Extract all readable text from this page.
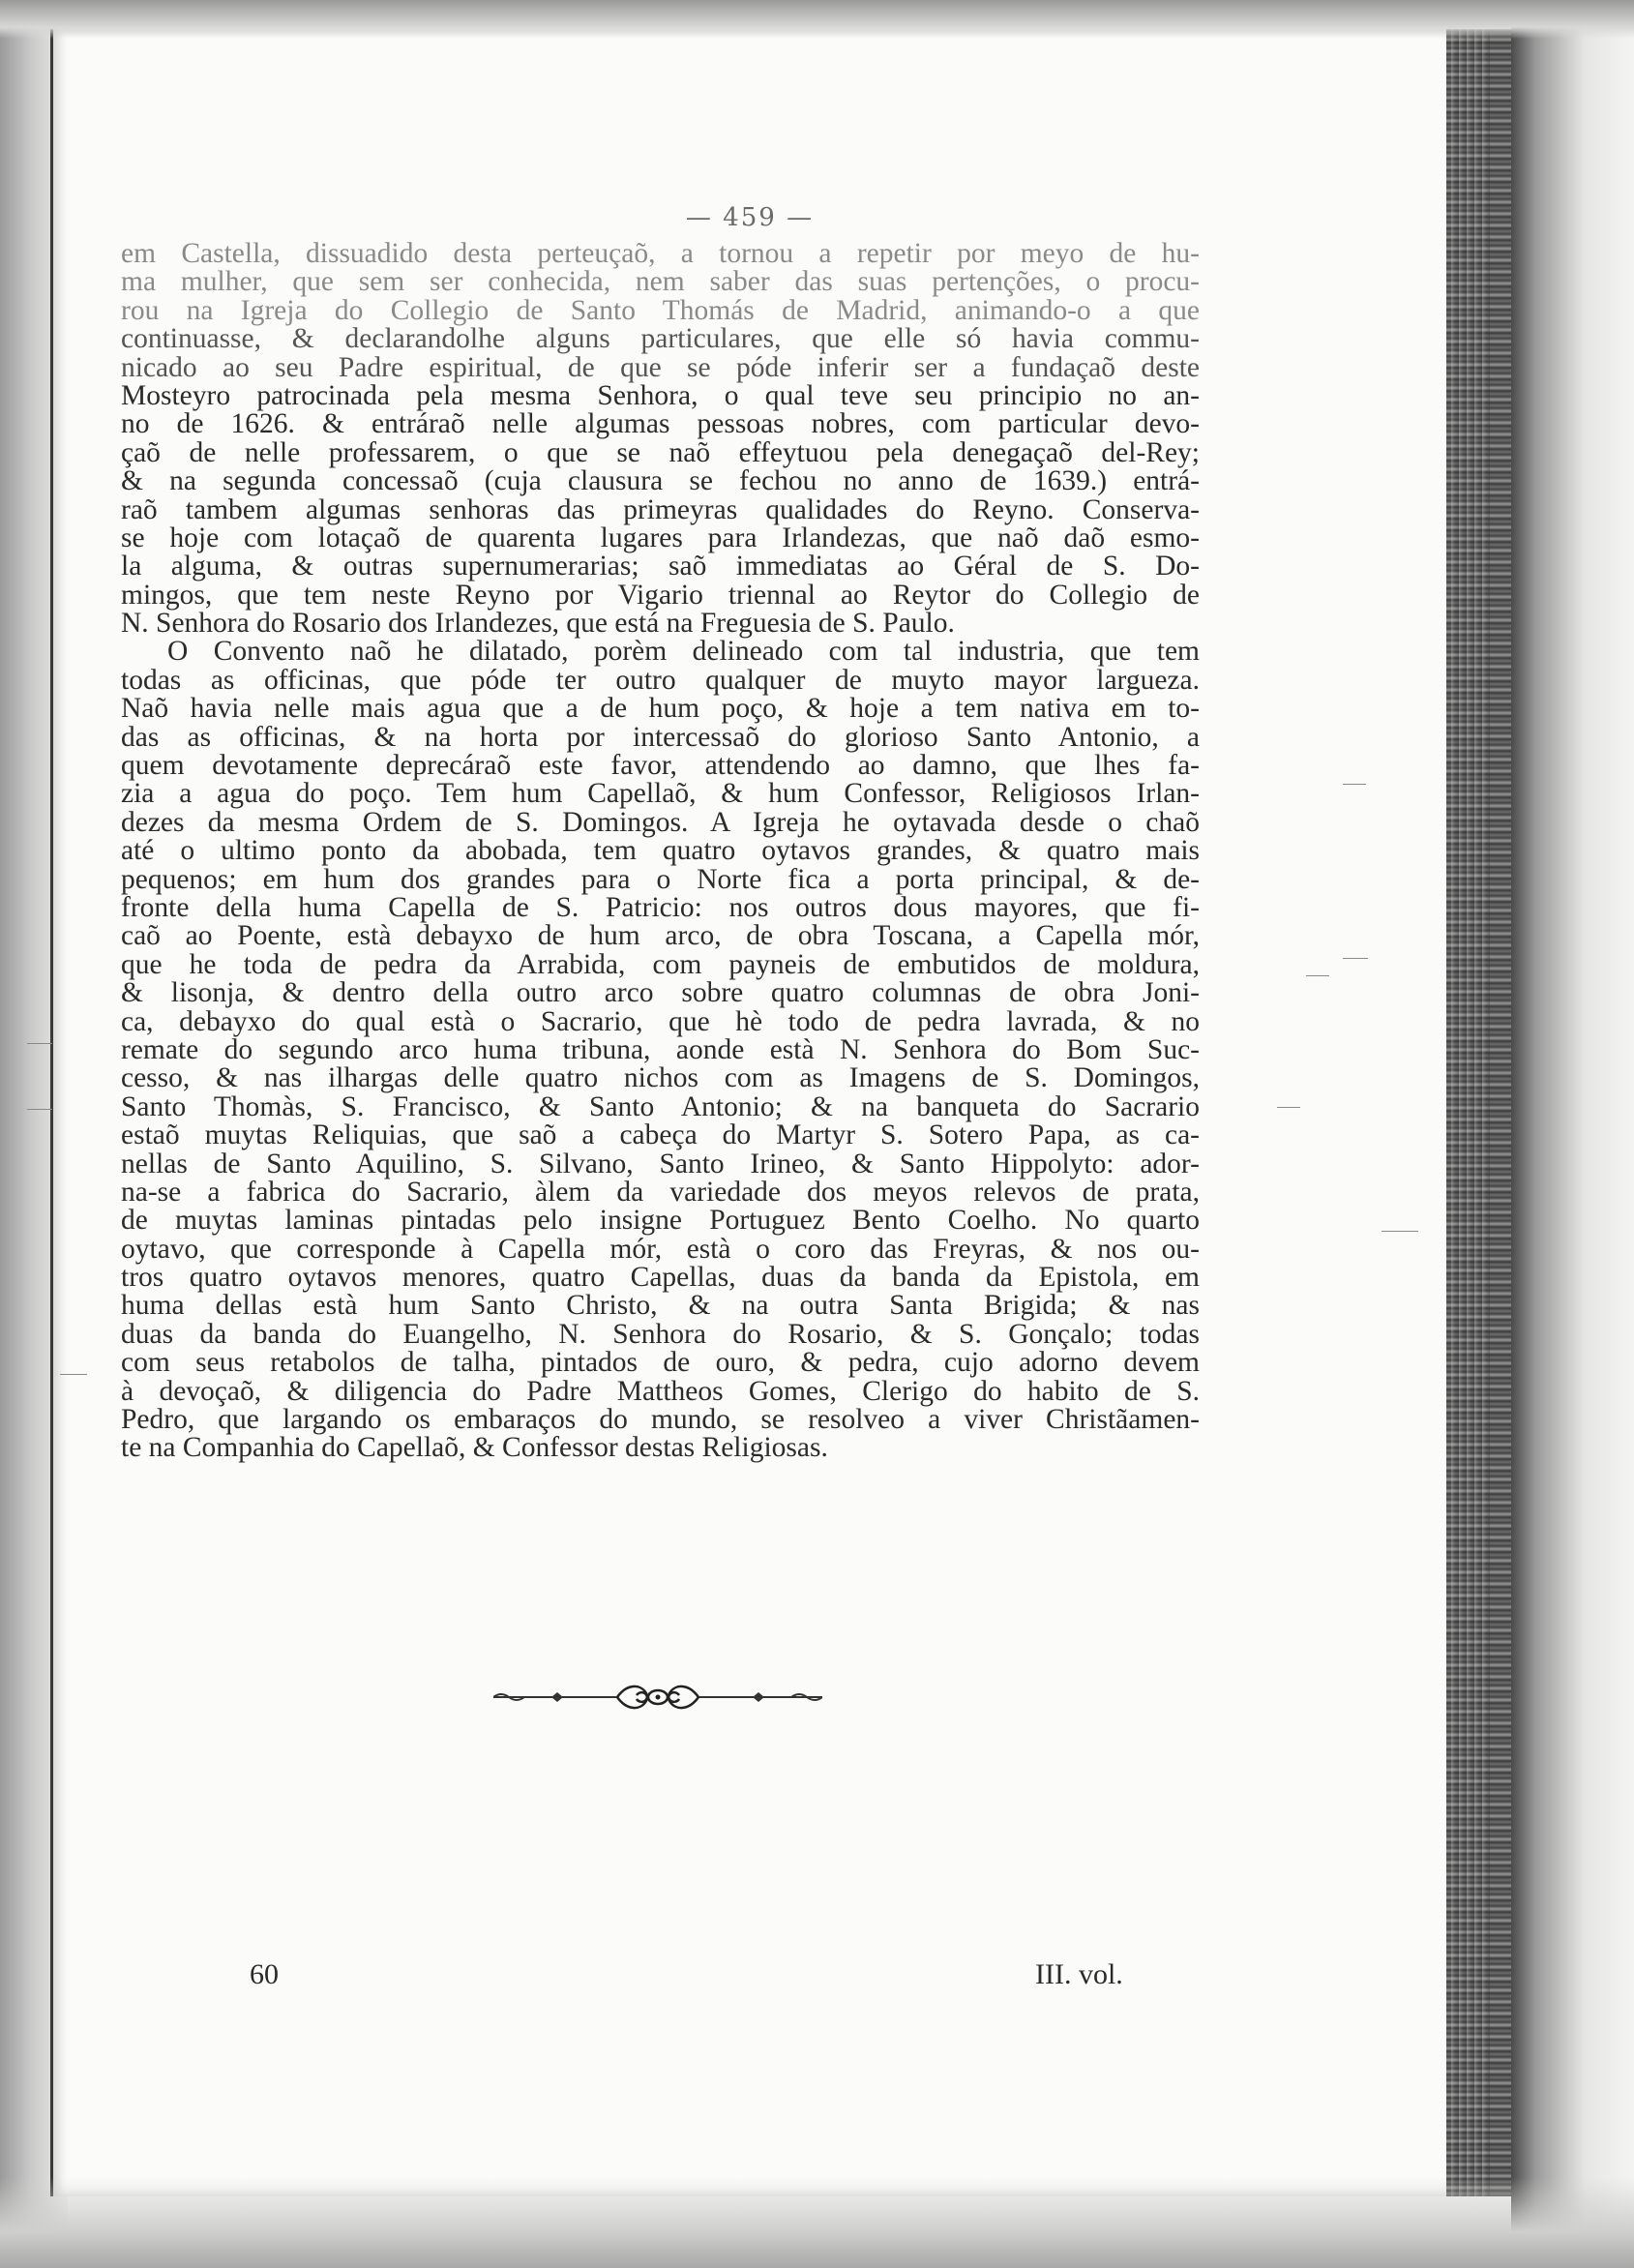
— 459 —
em Castella, dissuadido desta perteuçaõ, a tornou a repetir por meyo de hu-
ma mulher, que sem ser conhecida, nem saber das suas pertenções, o procu-
rou na Igreja do Collegio de Santo Thomás de Madrid, animando-o a que
continuasse, & declarandolhe alguns particulares, que elle só havia commu-
nicado ao seu Padre espiritual, de que se póde inferir ser a fundaçaõ deste
Mosteyro patrocinada pela mesma Senhora, o qual teve seu principio no an-
no de 1626. & entráraõ nelle algumas pessoas nobres, com particular devo-
çaõ de nelle professarem, o que se naõ effeytuou pela denegaçaõ del-Rey;
& na segunda concessaõ (cuja clausura se fechou no anno de 1639.) entrá-
raõ tambem algumas senhoras das primeyras qualidades do Reyno. Conserva-
se hoje com lotaçaõ de quarenta lugares para Irlandezas, que naõ daõ esmo-
la alguma, & outras supernumerarias; saõ immediatas ao Géral de S. Do-
mingos, que tem neste Reyno por Vigario triennal ao Reytor do Collegio de
N. Senhora do Rosario dos Irlandezes, que está na Freguesia de S. Paulo.
O Convento naõ he dilatado, porèm delineado com tal industria, que tem
todas as officinas, que póde ter outro qualquer de muyto mayor largueza.
Naõ havia nelle mais agua que a de hum poço, & hoje a tem nativa em to-
das as officinas, & na horta por intercessaõ do glorioso Santo Antonio, a
quem devotamente deprecáraõ este favor, attendendo ao damno, que lhes fa-
zia a agua do poço. Tem hum Capellaõ, & hum Confessor, Religiosos Irlan-
dezes da mesma Ordem de S. Domingos. A Igreja he oytavada desde o chaõ
até o ultimo ponto da abobada, tem quatro oytavos grandes, & quatro mais
pequenos; em hum dos grandes para o Norte fica a porta principal, & de-
fronte della huma Capella de S. Patricio: nos outros dous mayores, que fi-
caõ ao Poente, està debayxo de hum arco, de obra Toscana, a Capella mór,
que he toda de pedra da Arrabida, com payneis de embutidos de moldura,
& lisonja, & dentro della outro arco sobre quatro columnas de obra Joni-
ca, debayxo do qual està o Sacrario, que hè todo de pedra lavrada, & no
remate do segundo arco huma tribuna, aonde està N. Senhora do Bom Suc-
cesso, & nas ilhargas delle quatro nichos com as Imagens de S. Domingos,
Santo Thomàs, S. Francisco, & Santo Antonio; & na banqueta do Sacrario
estaõ muytas Reliquias, que saõ a cabeça do Martyr S. Sotero Papa, as ca-
nellas de Santo Aquilino, S. Silvano, Santo Irineo, & Santo Hippolyto: ador-
na-se a fabrica do Sacrario, àlem da variedade dos meyos relevos de prata,
de muytas laminas pintadas pelo insigne Portuguez Bento Coelho. No quarto
oytavo, que corresponde à Capella mór, està o coro das Freyras, & nos ou-
tros quatro oytavos menores, quatro Capellas, duas da banda da Epistola, em
huma dellas està hum Santo Christo, & na outra Santa Brigida; & nas
duas da banda do Euangelho, N. Senhora do Rosario, & S. Gonçalo; todas
com seus retabolos de talha, pintados de ouro, & pedra, cujo adorno devem
à devoçaõ, & diligencia do Padre Mattheos Gomes, Clerigo do habito de S.
Pedro, que largando os embaraços do mundo, se resolveo a viver Christãamen-
te na Companhia do Capellaõ, & Confessor destas Religiosas.
60	III. vol.
